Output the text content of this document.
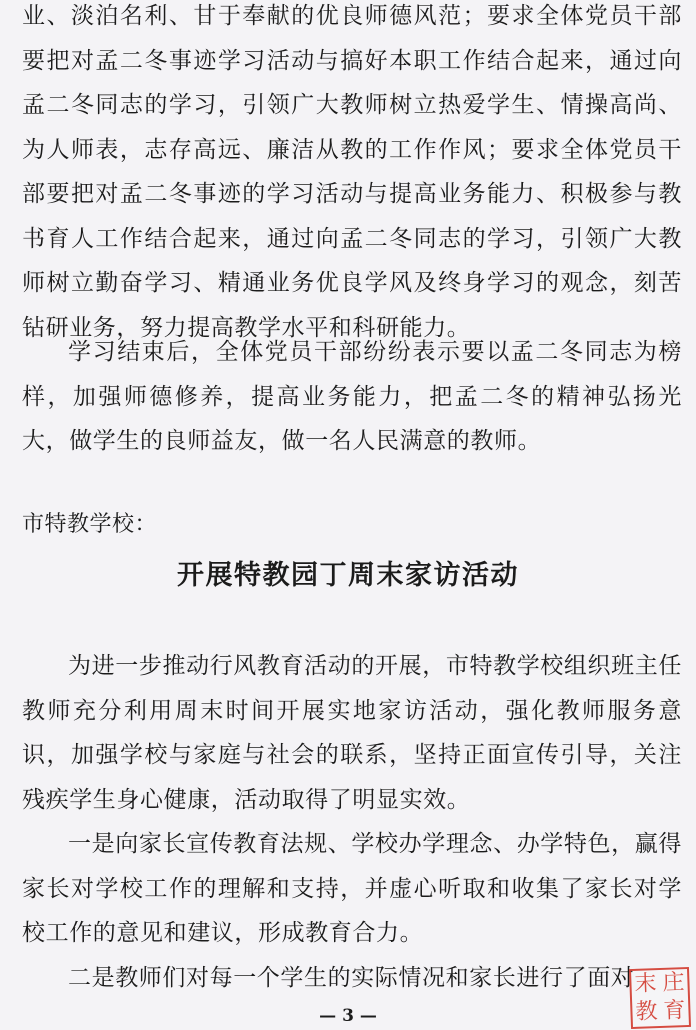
业、淡泊名利、甘于奉献的优良师德风范；要求全体党员干部要把对孟二冬事迹学习活动与搞好本职工作结合起来，通过向孟二冬同志的学习，引领广大教师树立热爱学生、情操高尚、为人师表，志存高远、廉洁从教的工作作风；要求全体党员干部要把对孟二冬事迹的学习活动与提高业务能力、积极参与教书育人工作结合起来，通过向孟二冬同志的学习，引领广大教师树立勤奋学习、精通业务优良学风及终身学习的观念，刻苦钻研业务，努力提高教学水平和科研能力。

学习结束后，全体党员干部纷纷表示要以孟二冬同志为榜样，加强师德修养，提高业务能力，把孟二冬的精神弘扬光大，做学生的良师益友，做一名人民满意的教师。

市特教学校：

开展特教园丁周末家访活动

为进一步推动行风教育活动的开展，市特教学校组织班主任教师充分利用周末时间开展实地家访活动，强化教师服务意识，加强学校与家庭与社会的联系，坚持正面宣传引导，关注残疾学生身心健康，活动取得了明显实效。

一是向家长宣传教育法规、学校办学理念、办学特色，赢得家长对学校工作的理解和支持，并虚心听取和收集了家长对学校工作的意见和建议，形成教育合力。

二是教师们对每一个学生的实际情况和家长进行了面对

— 3 —

末 庄
教 育
